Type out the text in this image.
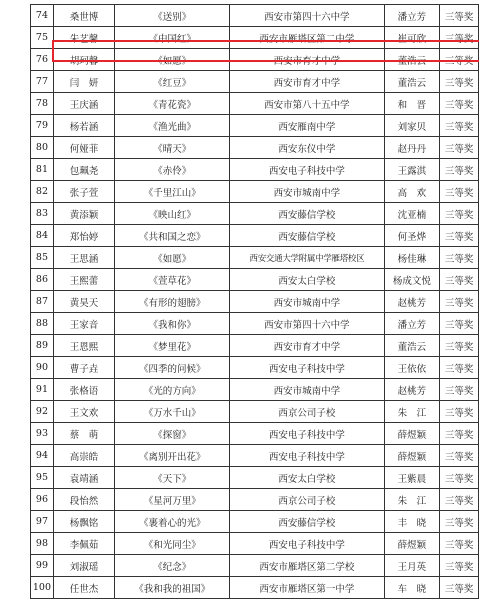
74	桑世博	《送别》	西安市第四十六中学	潘立芳	三等奖
75	朱艺馨	《中国红》	西安市雁塔区第二中学	崔可欣	三等奖
76	胡珂馨	《如愿》	西安市育才中学	董浩云	三等奖
77	闫　妍	《红豆》	西安市育才中学	董浩云	三等奖
78	王庆涵	《青花瓷》	西安市第八十五中学	和　晋	三等奖
79	杨若涵	《渔光曲》	西安雁南中学	刘家贝	三等奖
80	何娅菲	《晴天》	西安东仪中学	赵丹丹	三等奖
81	包珮尧	《赤伶》	西安电子科技中学	王露淇	三等奖
82	张子萱	《千里江山》	西安市城南中学	高　欢	三等奖
83	黄添颖	《映山红》	西安藤信学校	沈亚楠	三等奖
84	郑怡婷	《共和国之恋》	西安藤信学校	何圣烨	三等奖
85	王思涵	《如愿》	西安交通大学附属中学雁塔校区	杨佳琳	三等奖
86	王熙蕾	《萱草花》	西安太白学校	杨成文悦	三等奖
87	黄昊天	《有形的翅膀》	西安市城南中学	赵桃芳	三等奖
88	王家音	《我和你》	西安市第四十六中学	潘立芳	三等奖
89	王恩熙	《梦里花》	西安市育才中学	董浩云	三等奖
90	曹子垚	《四季的问候》	西安电子科技中学	王依依	三等奖
91	张格语	《光的方向》	西安市城南中学	赵桃芳	三等奖
92	王文欢	《万水千山》	西京公司子校	朱　江	三等奖
93	蔡　萌	《探窗》	西安电子科技中学	薛煜颖	三等奖
94	高崇皓	《离别开出花》	西安电子科技中学	薛煜颖	三等奖
95	袁靖涵	《天下》	西安太白学校	王紫晨	三等奖
96	段怡然	《星河万里》	西京公司子校	朱　江	三等奖
97	杨飘铭	《裹着心的光》	西安藤信学校	丰　晓	三等奖
98	李佩茹	《和光同尘》	西安电子科技中学	薛煜颖	三等奖
99	刘淑瑶	《纪念》	西安市雁塔区第二学校	王月英	三等奖
100	任世杰	《我和我的祖国》	西安市雁塔区第一中学	车　晓	三等奖
